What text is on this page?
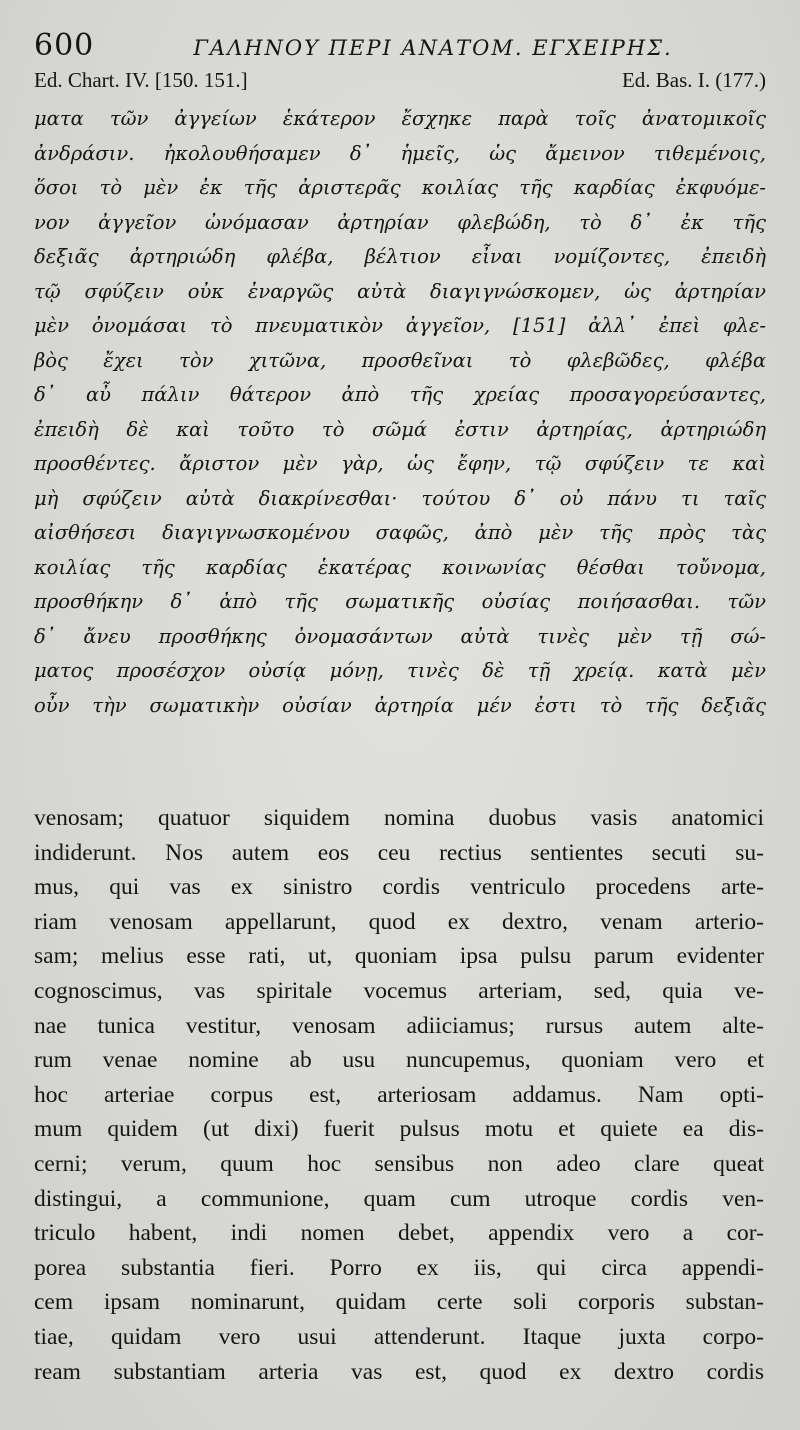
600	ΓΑΛΗΝΟΥ ΠΕΡΙ ΑΝΑΤΟΜ. ΕΓΧΕΙΡΗΣ.
Ed. Chart. IV. [150. 151.]	Ed. Bas. I. (177.)
ματα τῶν ἀγγείων ἑκάτερον ἔσχηκε παρὰ τοῖς ἀνατομικοῖς
ἀνδράσιν. ἠκολουθήσαμεν δ᾽ ἡμεῖς, ὡς ἄμεινον τιθεμένοις,
ὅσοι τὸ μὲν ἐκ τῆς ἀριστερᾶς κοιλίας τῆς καρδίας ἐκφυόμε-
νον ἀγγεῖον ὠνόμασαν ἀρτηρίαν φλεβώδη, τὸ δ᾽ ἐκ τῆς
δεξιᾶς ἀρτηριώδη φλέβα, βέλτιον εἶναι νομίζοντες, ἐπειδὴ
τῷ σφύζειν οὐκ ἐναργῶς αὐτὰ διαγιγνώσκομεν, ὡς ἀρτηρίαν
μὲν ὀνομάσαι τὸ πνευματικὸν ἀγγεῖον, [151] ἀλλ᾽ ἐπεὶ φλε-
βὸς ἔχει τὸν χιτῶνα, προσθεῖναι τὸ φλεβῶδες, φλέβα
δ᾽ αὖ πάλιν θάτερον ἀπὸ τῆς χρείας προσαγορεύσαντες,
ἐπειδὴ δὲ καὶ τοῦτο τὸ σῶμά ἐστιν ἀρτηρίας, ἀρτηριώδη
προσθέντες. ἄριστον μὲν γὰρ, ὡς ἔφην, τῷ σφύζειν τε καὶ
μὴ σφύζειν αὐτὰ διακρίνεσθαι· τούτου δ᾽ οὐ πάνυ τι ταῖς
αἰσθήσεσι διαγιγνωσκομένου σαφῶς, ἀπὸ μὲν τῆς πρὸς τὰς
κοιλίας τῆς καρδίας ἑκατέρας κοινωνίας θέσθαι τοὔνομα,
προσθήκην δ᾽ ἀπὸ τῆς σωματικῆς οὐσίας ποιήσασθαι. τῶν
δ᾽ ἄνευ προσθήκης ὀνομασάντων αὐτὰ τινὲς μὲν τῇ σώ-
ματος προσέσχον οὐσίᾳ μόνῃ, τινὲς δὲ τῇ χρείᾳ. κατὰ μὲν
οὖν τὴν σωματικὴν οὐσίαν ἀρτηρία μέν ἐστι τὸ τῆς δεξιᾶς
venosam; quatuor siquidem nomina duobus vasis anatomici
indiderunt. Nos autem eos ceu rectius sentientes secuti su-
mus, qui vas ex sinistro cordis ventriculo procedens arte-
riam venosam appellarunt, quod ex dextro, venam arterio-
sam; melius esse rati, ut, quoniam ipsa pulsu parum evidenter
cognoscimus, vas spiritale vocemus arteriam, sed, quia ve-
nae tunica vestitur, venosam adiiciamus; rursus autem alte-
rum venae nomine ab usu nuncupemus, quoniam vero et
hoc arteriae corpus est, arteriosam addamus. Nam opti-
mum quidem (ut dixi) fuerit pulsus motu et quiete ea dis-
cerni; verum, quum hoc sensibus non adeo clare queat
distingui, a communione, quam cum utroque cordis ven-
triculo habent, indi nomen debet, appendix vero a cor-
porea substantia fieri. Porro ex iis, qui circa appendi-
cem ipsam nominarunt, quidam certe soli corporis substan-
tiae, quidam vero usui attenderunt. Itaque juxta corpo-
ream substantiam arteria vas est, quod ex dextro cordis
